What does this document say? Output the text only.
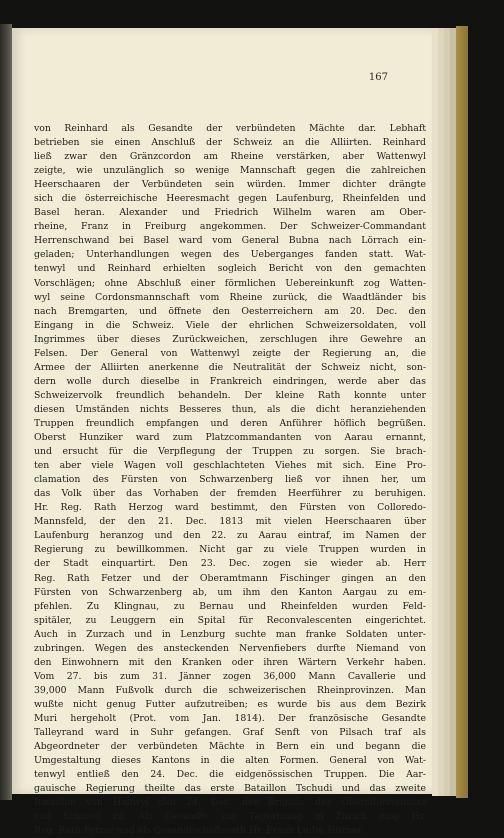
167
von Reinhard als Gesandte der verbündeten Mächte dar. Lebhaft
betrieben sie einen Anschluß der Schweiz an die Alliirten. Reinhard
ließ zwar den Gränzcordon am Rheine verstärken, aber Wattenwyl
zeigte, wie unzulänglich so wenige Mannschaft gegen die zahlreichen
Heerschaaren der Verbündeten sein würden. Immer dichter drängte
sich die österreichische Heeresmacht gegen Laufenburg, Rheinfelden und
Basel heran. Alexander und Friedrich Wilhelm waren am Ober-
rheine, Franz in Freiburg angekommen. Der Schweizer-Commandant
Herrenschwand bei Basel ward vom General Bubna nach Lörrach ein-
geladen; Unterhandlungen wegen des Ueberganges fanden statt. Wat-
tenwyl und Reinhard erhielten sogleich Bericht von den gemachten
Vorschlägen; ohne Abschluß einer förmlichen Uebereinkunft zog Watten-
wyl seine Cordonsmannschaft vom Rheine zurück, die Waadtländer bis
nach Bremgarten, und öffnete den Oesterreichern am 20. Dec. den
Eingang in die Schweiz. Viele der ehrlichen Schweizersoldaten, voll
Ingrimmes über dieses Zurückweichen, zerschlugen ihre Gewehre an
Felsen. Der General von Wattenwyl zeigte der Regierung an, die
Armee der Alliirten anerkenne die Neutralität der Schweiz nicht, son-
dern wolle durch dieselbe in Frankreich eindringen, werde aber das
Schweizervolk freundlich behandeln. Der kleine Rath konnte unter
diesen Umständen nichts Besseres thun, als die dicht heranziehenden
Truppen freundlich empfangen und deren Anführer höflich begrüßen.
Oberst Hunziker ward zum Platzcommandanten von Aarau ernannt,
und ersucht für die Verpflegung der Truppen zu sorgen. Sie brach-
ten aber viele Wagen voll geschlachteten Viehes mit sich. Eine Pro-
clamation des Fürsten von Schwarzenberg ließ vor ihnen her, um
das Volk über das Vorhaben der fremden Heerführer zu beruhigen.
Hr. Reg. Rath Herzog ward bestimmt, den Fürsten von Colloredo-
Mannsfeld, der den 21. Dec. 1813 mit vielen Heerschaaren über
Laufenburg heranzog und den 22. zu Aarau eintraf, im Namen der
Regierung zu bewillkommen. Nicht gar zu viele Truppen wurden in
der Stadt einquartirt. Den 23. Dec. zogen sie wieder ab. Herr
Reg. Rath Fetzer und der Oberamtmann Fischinger gingen an den
Fürsten von Schwarzenberg ab, um ihm den Kanton Aargau zu em-
pfehlen. Zu Klingnau, zu Bernau und Rheinfelden wurden Feld-
spitäler, zu Leuggern ein Spital für Reconvalescenten eingerichtet.
Auch in Zurzach und in Lenzburg suchte man franke Soldaten unter-
zubringen. Wegen des ansteckenden Nervenfiebers durfte Niemand von
den Einwohnern mit den Kranken oder ihren Wärtern Verkehr haben.
Vom 27. bis zum 31. Jänner zogen 36,000 Mann Cavallerie und
39,000 Mann Fußvolk durch die schweizerischen Rheinprovinzen. Man
wußte nicht genug Futter aufzutreiben; es wurde bis aus dem Bezirk
Muri hergeholt (Prot. vom Jan. 1814). Der französische Gesandte
Talleyrand ward in Suhr gefangen. Graf Senft von Pilsach traf als
Abgeordneter der verbündeten Mächte in Bern ein und begann die
Umgestaltung dieses Kantons in die alten Formen. General von Wat-
tenwyl entließ den 24. Dec. die eidgenössischen Truppen. Die Aar-
gauische Regierung theilte das erste Bataillon Tschudi und das zweite
Bataillon von Hallwyl den 24. Dec. der Brigade des Oberstlieutenants
von Schmiel zu. Als Gesandte zur Tagsatzung in Zürich ging Hr.
Reg. Rath Fetzer und als Gesandtschaftsrath Hr. Franz Ludw. Hürner.
